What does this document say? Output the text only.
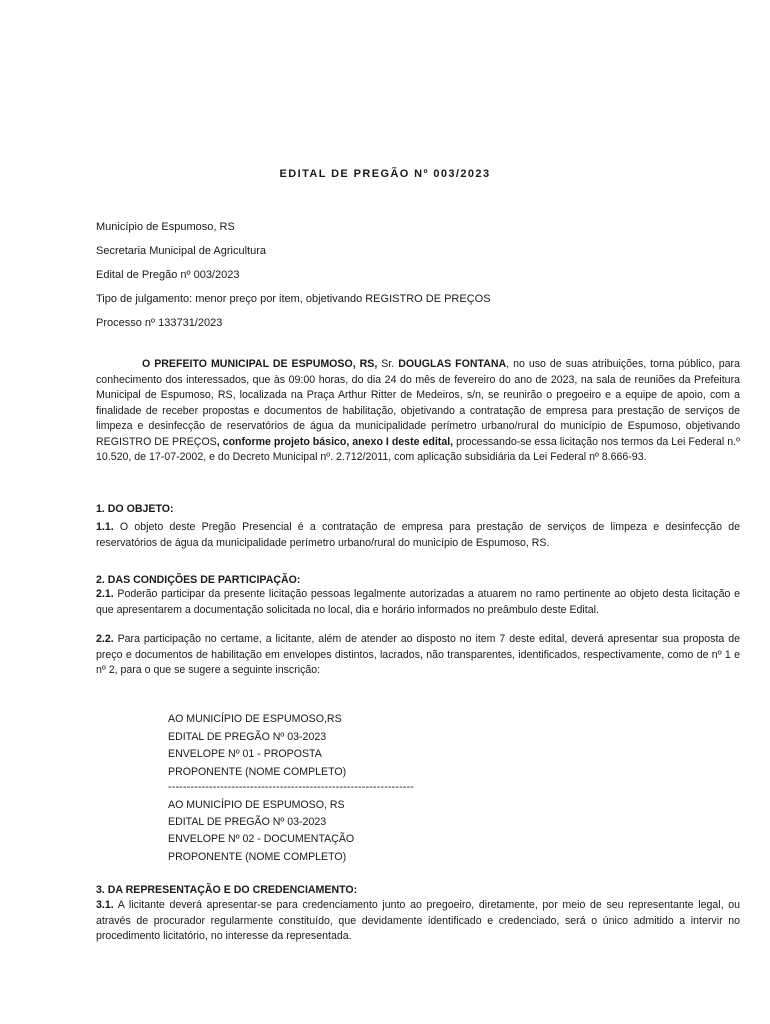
EDITAL DE PREGÃO Nº 003/2023
Município de Espumoso, RS
Secretaria Municipal de Agricultura
Edital de Pregão nº 003/2023
Tipo de julgamento: menor preço por item, objetivando REGISTRO DE PREÇOS
Processo nº 133731/2023
O PREFEITO MUNICIPAL DE ESPUMOSO, RS, Sr. DOUGLAS FONTANA, no uso de suas atribuições, torna público, para conhecimento dos interessados, que às 09:00 horas, do dia 24 do mês de fevereiro do ano de 2023, na sala de reuniões da Prefeitura Municipal de Espumoso, RS, localizada na Praça Arthur Ritter de Medeiros, s/n, se reunirão o pregoeiro e a equipe de apoio, com a finalidade de receber propostas e documentos de habilitação, objetivando a contratação de empresa para prestação de serviços de limpeza e desinfecção de reservatórios de água da municipalidade perímetro urbano/rural do município de Espumoso, objetivando REGISTRO DE PREÇOS, conforme projeto básico, anexo I deste edital, processando-se essa licitação nos termos da Lei Federal n.º 10.520, de 17-07-2002, e do Decreto Municipal nº. 2.712/2011, com aplicação subsidiária da Lei Federal nº 8.666-93.
1. DO OBJETO:
1.1. O objeto deste Pregão Presencial é a contratação de empresa para prestação de serviços de limpeza e desinfecção de reservatórios de água da municipalidade perímetro urbano/rural do município de Espumoso, RS.
2. DAS CONDIÇÕES DE PARTICIPAÇÃO:
2.1. Poderão participar da presente licitação pessoas legalmente autorizadas a atuarem no ramo pertinente ao objeto desta licitação e que apresentarem a documentação solicitada no local, dia e horário informados no preâmbulo deste Edital.
2.2. Para participação no certame, a licitante, além de atender ao disposto no item 7 deste edital, deverá apresentar sua proposta de preço e documentos de habilitação em envelopes distintos, lacrados, não transparentes, identificados, respectivamente, como de nº 1 e nº 2, para o que se sugere a seguinte inscrição:
AO MUNICÍPIO DE ESPUMOSO,RS
EDITAL DE PREGÃO Nº 03-2023
ENVELOPE Nº 01 - PROPOSTA
PROPONENTE (NOME COMPLETO)
------------------------------------------------------------------
AO MUNICÍPIO DE ESPUMOSO, RS
EDITAL DE PREGÃO Nº 03-2023
ENVELOPE Nº 02 - DOCUMENTAÇÃO
PROPONENTE (NOME COMPLETO)
3. DA REPRESENTAÇÃO E DO CREDENCIAMENTO:
3.1. A licitante deverá apresentar-se para credenciamento junto ao pregoeiro, diretamente, por meio de seu representante legal, ou através de procurador regularmente constituído, que devidamente identificado e credenciado, será o único admitido a intervir no procedimento licitatório, no interesse da representada.
